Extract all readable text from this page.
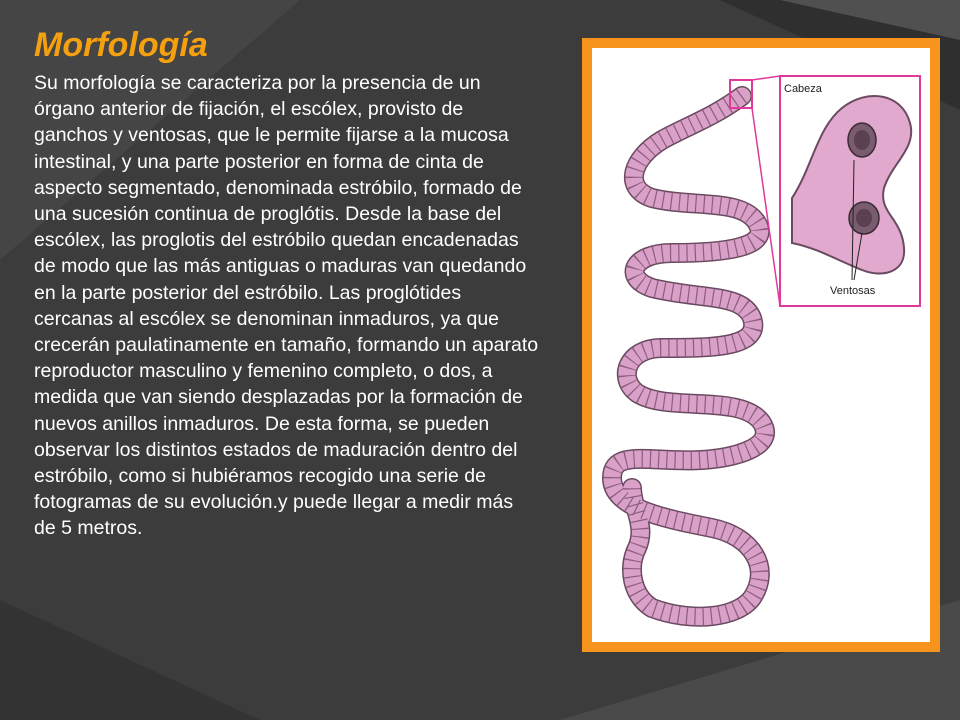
Morfología

Su morfología se caracteriza por la presencia de un órgano anterior de fijación, el escólex, provisto de ganchos y ventosas, que le permite fijarse a la mucosa intestinal, y una parte posterior en forma de cinta de aspecto segmentado, denominada estróbilo, formado de una sucesión continua de proglótis. Desde la base del escólex, las proglotis del estróbilo quedan encadenadas de modo que las más antiguas o maduras van quedando en la parte posterior del estróbilo. Las proglótides cercanas al escólex se denominan inmaduros, ya que crecerán paulatinamente en tamaño, formando un aparato reproductor masculino y femenino completo, o dos, a medida que van siendo desplazadas por la formación de nuevos anillos inmaduros. De esta forma, se pueden observar los distintos estados de maduración dentro del estróbilo, como si hubiéramos recogido una serie de fotogramas de su evolución.y puede llegar a medir más de 5 metros.

Cabeza
Ventosas
